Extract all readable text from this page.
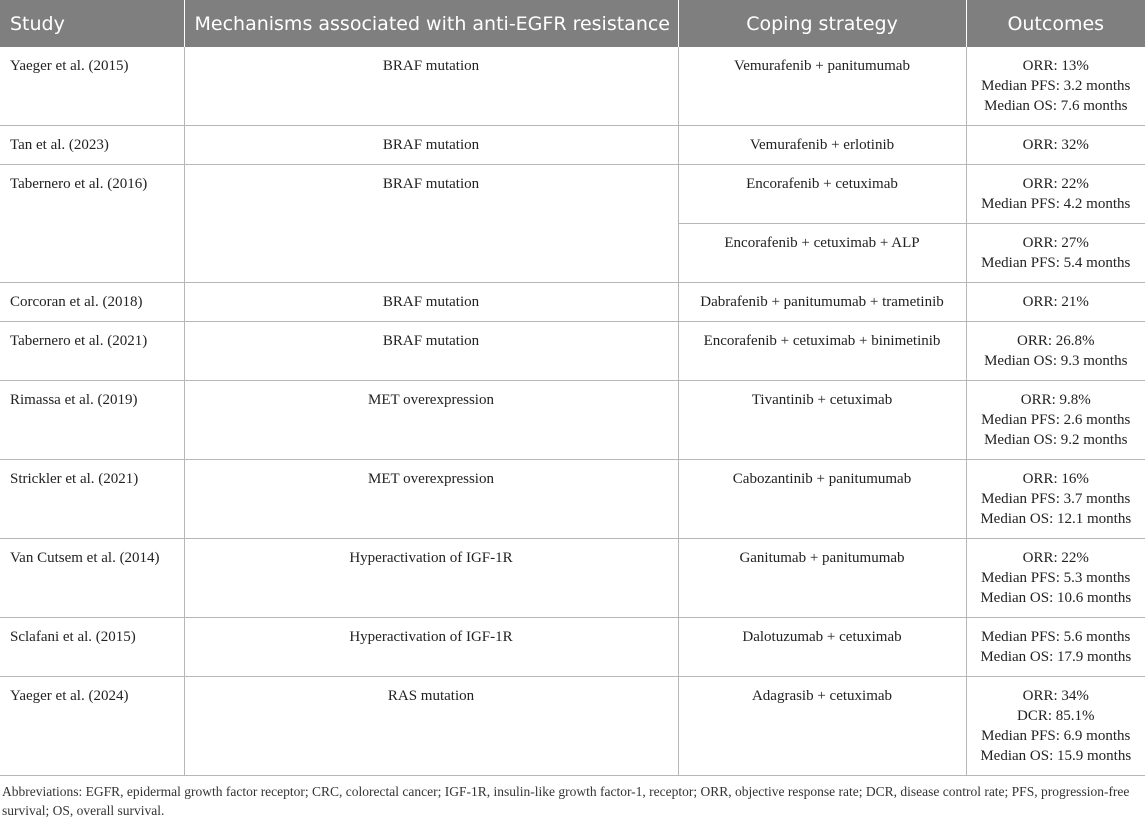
Study	Mechanisms associated with anti-EGFR resistance	Coping strategy	Outcomes
Yaeger et al. (2015)	BRAF mutation	Vemurafenib + panitumumab	ORR: 13%
Median PFS: 3.2 months
Median OS: 7.6 months

Tan et al. (2023)	BRAF mutation	Vemurafenib + erlotinib	ORR: 32%

Tabernero et al. (2016)	BRAF mutation	Encorafenib + cetuximab	ORR: 22%
Median PFS: 4.2 months

		Encorafenib + cetuximab + ALP	ORR: 27%
Median PFS: 5.4 months

Corcoran et al. (2018)	BRAF mutation	Dabrafenib + panitumumab + trametinib	ORR: 21%

Tabernero et al. (2021)	BRAF mutation	Encorafenib + cetuximab + binimetinib	ORR: 26.8%
Median OS: 9.3 months

Rimassa et al. (2019)	MET overexpression	Tivantinib + cetuximab	ORR: 9.8%
Median PFS: 2.6 months
Median OS: 9.2 months

Strickler et al. (2021)	MET overexpression	Cabozantinib + panitumumab	ORR: 16%
Median PFS: 3.7 months
Median OS: 12.1 months

Van Cutsem et al. (2014)	Hyperactivation of IGF-1R	Ganitumab + panitumumab	ORR: 22%
Median PFS: 5.3 months
Median OS: 10.6 months

Sclafani et al. (2015)	Hyperactivation of IGF-1R	Dalotuzumab + cetuximab	Median PFS: 5.6 months
Median OS: 17.9 months

Yaeger et al. (2024)	RAS mutation	Adagrasib + cetuximab	ORR: 34%
DCR: 85.1%
Median PFS: 6.9 months
Median OS: 15.9 months
Abbreviations: EGFR, epidermal growth factor receptor; CRC, colorectal cancer; IGF-1R, insulin-like growth factor-1, receptor; ORR, objective response rate; DCR, disease control rate; PFS, progression-free survival; OS, overall survival.
